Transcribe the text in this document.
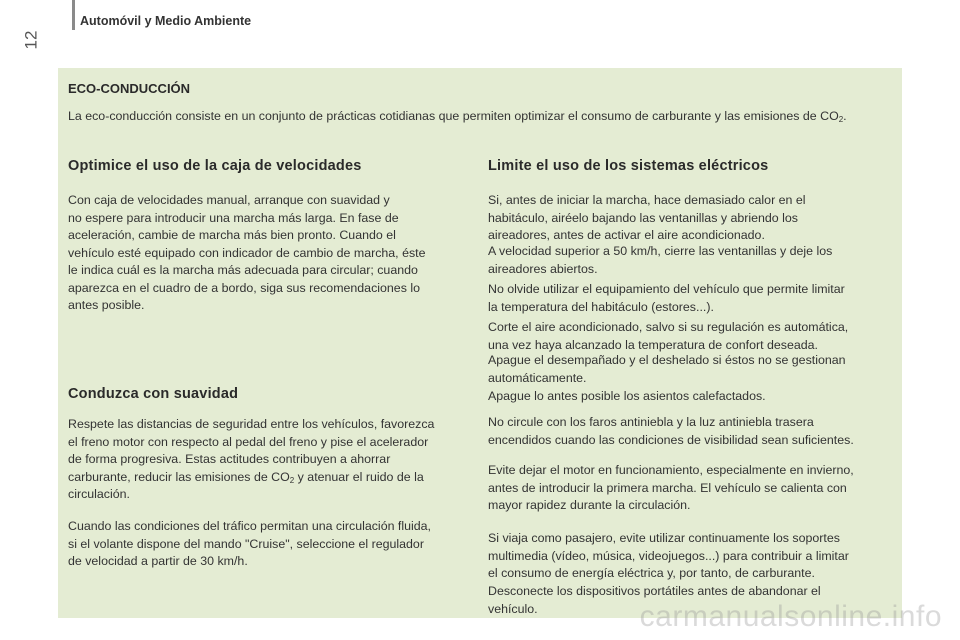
Automóvil y Medio Ambiente
12
ECO-CONDUCCIÓN

La eco-conducción consiste en un conjunto de prácticas cotidianas que permiten optimizar el consumo de carburante y las emisiones de $CO_2$.

Optimice el uso de la caja de velocidades

Con caja de velocidades manual, arranque con suavidad y
no espere para introducir una marcha más larga. En fase de
aceleración, cambie de marcha más bien pronto. Cuando el
vehículo esté equipado con indicador de cambio de marcha, éste
le indica cuál es la marcha más adecuada para circular; cuando
aparezca en el cuadro de a bordo, siga sus recomendaciones lo
antes posible.

Conduzca con suavidad

Respete las distancias de seguridad entre los vehículos, favorezca
el freno motor con respecto al pedal del freno y pise el acelerador
de forma progresiva. Estas actitudes contribuyen a ahorrar
carburante, reducir las emisiones de $CO_2$ y atenuar el ruido de la
circulación.

Cuando las condiciones del tráfico permitan una circulación fluida,
si el volante dispone del mando "Cruise", seleccione el regulador
de velocidad a partir de 30 km/h.

Limite el uso de los sistemas eléctricos

Si, antes de iniciar la marcha, hace demasiado calor en el
habitáculo, airéelo bajando las ventanillas y abriendo los
aireadores, antes de activar el aire acondicionado.

A velocidad superior a 50 km/h, cierre las ventanillas y deje los
aireadores abiertos.

No olvide utilizar el equipamiento del vehículo que permite limitar
la temperatura del habitáculo (estores...).

Corte el aire acondicionado, salvo si su regulación es automática,
una vez haya alcanzado la temperatura de confort deseada.

Apague el desempañado y el deshelado si éstos no se gestionan
automáticamente.

Apague lo antes posible los asientos calefactados.

No circule con los faros antiniebla y la luz antiniebla trasera
encendidos cuando las condiciones de visibilidad sean suficientes.

Evite dejar el motor en funcionamiento, especialmente en invierno,
antes de introducir la primera marcha. El vehículo se calienta con
mayor rapidez durante la circulación.

Si viaja como pasajero, evite utilizar continuamente los soportes
multimedia (vídeo, música, videojuegos...) para contribuir a limitar
el consumo de energía eléctrica y, por tanto, de carburante.

Desconecte los dispositivos portátiles antes de abandonar el
vehículo.	carmanualsonline.info
